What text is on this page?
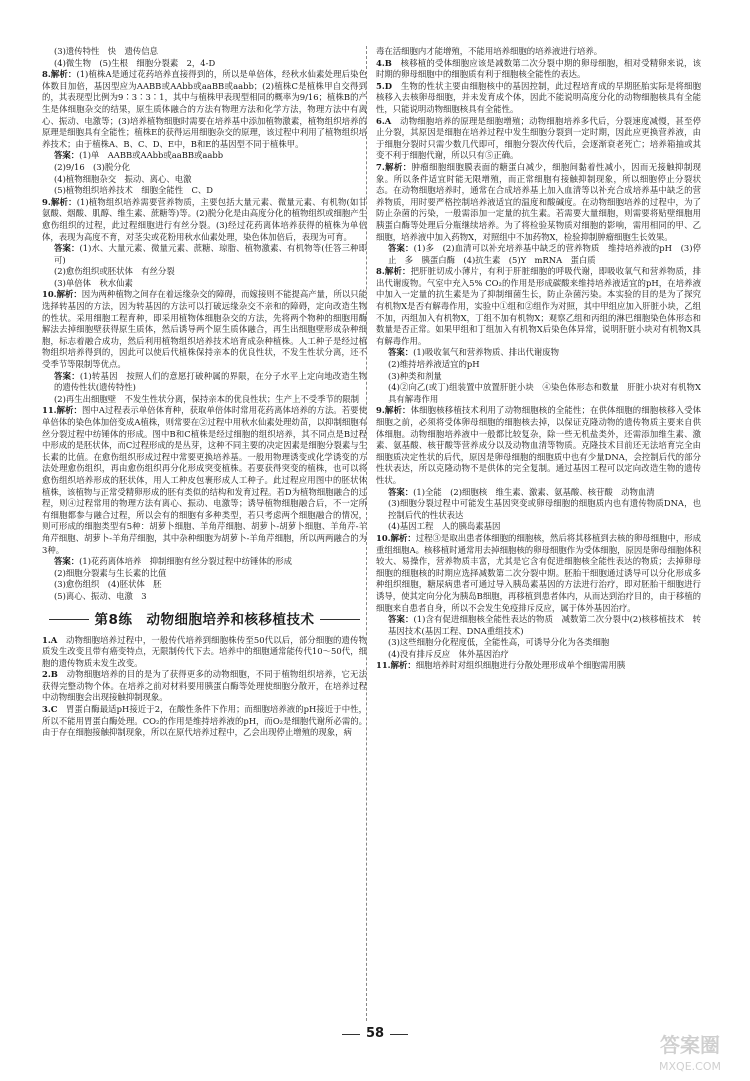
(3)遗传特性　快　遗传信息

(4)微生物　(5)生根　细胞分裂素　2，4-D

8.解析：(1)植株A是通过花药培养直接得到的，所以是单倍体，经秋水仙素处理后染色体数目加倍，基因型应为AABB或AAbb或aaBB或aabb；(2)植株C是植株甲自交得到的，其表现型比例为9∶3∶3∶1，其中与植株甲表现型相同的概率为9/16；植株B的产生是体细胞杂交的结果，原生质体融合的方法有物理方法和化学方法，物理方法中有离心、振动、电激等；(3)培养植物细胞时需要在培养基中添加植物激素，植物组织培养的原理是细胞具有全能性；植株E的获得运用细胞杂交的原理，该过程中利用了植物组织培养技术；由于植株A、B、C、D、E中，B和E的基因型不同于植株甲。

答案：(1)单　AABB或AAbb或aaBB或aabb

(2)9/16　(3)脱分化

(4)植物细胞杂交　振动、离心、电激

(5)植物组织培养技术　细胞全能性　C、D

9.解析：(1)植物组织培养需要营养物质，主要包括大量元素、微量元素、有机物(如甘氨酸、烟酸、肌醇、维生素、蔗糖等)等。(2)脱分化是由高度分化的植物组织或细胞产生愈伤组织的过程，此过程细胞进行有丝分裂。(3)经过花药离体培养获得的植株为单倍体，表现为高度不育，对茎尖或花粉用秋水仙素处理，染色体加倍后，表现为可育。

答案：(1)水、大量元素、微量元素、蔗糖、琼脂、植物激素、有机物等(任答三种即可)

(2)愈伤组织或胚状体　有丝分裂

(3)单倍体　秋水仙素

10.解析：因为两种植物之间存在着远缘杂交的障碍，而嫁接则不能提高产量，所以只能选择转基因的方法，因为转基因的方法可以打破远缘杂交不亲和的障碍，定向改造生物的性状。采用细胞工程育种，即采用植物体细胞杂交的方法，先将两个物种的细胞用酶解法去掉细胞壁获得原生质体，然后诱导两个原生质体融合，再生出细胞壁形成杂种细胞，标志着融合成功，然后利用植物组织培养技术培育成杂种植株。人工种子是经过植物组织培养得到的，因此可以使后代植株保持亲本的优良性状，不发生性状分离，还不受季节等限制等优点。

答案：(1)转基因　按照人们的意愿打破种属的界限，在分子水平上定向地改造生物的遗传性状(遗传特性)

(2)再生出细胞壁　不发生性状分离，保持亲本的优良性状；生产上不受季节的限制

11.解析：图中A过程表示单倍体育种，获取单倍体时常用花药离体培养的方法。若要使单倍体的染色体加倍变成A植株，则常要在②过程中用秋水仙素处理幼苗，以抑制细胞有丝分裂过程中纺锤体的形成。图中B和C植株是经过细胞的组织培养，其不同点是B过程中形成的是胚状体，而C过程形成的是丛芽，这种不同主要的决定因素是细胞分裂素与生长素的比值。在愈伤组织形成过程中常要更换培养基。一般用物理诱变或化学诱变的方法处理愈伤组织，再由愈伤组织再分化形成突变植株。若要获得突变的植株，也可以将愈伤组织培养形成的胚状体，用人工种皮包裹形成人工种子。此过程应用图中的胚状体植株，该植物与正常受精卵形成的胚有类似的结构和发育过程。若D为植物细胞融合的过程，则④过程常用的物理方法有离心、振动、电激等；诱导植物细胞融合后，不一定所有细胞都参与融合过程，所以会有的细胞有多种类型，若只考虑两个细胞融合的情况，则可形成的细胞类型有5种：胡萝卜细胞、羊角芹细胞、胡萝卜-胡萝卜细胞、羊角芹-羊角芹细胞、胡萝卜-羊角芹细胞，其中杂种细胞为胡萝卜-羊角芹细胞，所以两两融合的为3种。

答案：(1)花药离体培养　抑制细胞有丝分裂过程中纺锤体的形成

(2)细胞分裂素与生长素的比值

(3)愈伤组织　(4)胚状体　胚

(5)离心、振动、电激　3

第8练　动物细胞培养和核移植技术

1.A　 动物细胞培养过程中，一般传代培养到细胞株传至50代以后，部分细胞的遗传物质发生改变且带有癌变特点，无限制传代下去。培养中的细胞通常能传代10～50代，细胞的遗传物质未发生改变。

2.B　 动物细胞培养的目的是为了获得更多的动物细胞，不同于植物组织培养，它无法获得完整动物个体。在培养之前对材料要用胰蛋白酶等处理使细胞分散开，在培养过程中动物细胞会出现接触抑制现象。

3.C　 胃蛋白酶最适pH接近于2，在酸性条件下作用；而细胞培养液的pH接近于中性，所以不能用胃蛋白酶处理。CO₂的作用是维持培养液的pH，而O₂是细胞代谢所必需的。由于存在细胞接触抑制现象，所以在原代培养过程中，乙会出现停止增殖的现象，病

毒在活细胞内才能增殖，不能用培养细胞的培养液进行培养。

4.B　 核移植的受体细胞应该是减数第二次分裂中期的卵母细胞，相对受精卵来说，该时期的卵母细胞中的细胞质有利于细胞核全能性的表达。

5.D　 生物的性状主要由细胞核中的基因控制，此过程培育成的早期胚胎实际是将细胞核移入去核卵母细胞，并未发育成个体，因此不能说明高度分化的动物细胞核具有全能性，只能说明动物细胞核具有全能性。

6.A　 动物细胞培养的原理是细胞增殖；动物细胞培养多代后，分裂速度减慢，甚至停止分裂，其原因是细胞在培养过程中发生细胞分裂到一定时期，因此应更换营养液，由于细胞分裂时只需少数几代即可，细胞分裂次传代后，会逐渐衰老死亡；培养箱抽或其变不利于细胞代谢，所以只有⑤正确。

7.解析：肿瘤细胞细胞膜表面的糖蛋白减少，细胞间黏着性减小，因而无接触抑制现象。所以条件适宜时能无限增殖，而正常细胞有接触抑制现象，所以细胞停止分裂状态。在动物细胞培养时，通常在合成培养基上加入血清等以补充合成培养基中缺乏的营养物质，用时要严格控制培养液适宜的温度和酸碱度。在动物细胞培养的过程中，为了防止杂菌的污染，一般需添加一定量的抗生素。若需要大量细胞，则需要将贴壁细胞用胰蛋白酶等处理后分瓶继续培养。为了将检验某物质对细胞的影响，需用相同的甲、乙细胞，培养液中加入药物X，对照组中不加药物X，检验抑制肿瘤细胞生长效果。

答案：(1)多　(2)血清可以补充培养基中缺乏的营养物质　维持培养液的pH　(3)停止　多　胰蛋白酶　(4)抗生素　(5)Y　mRNA　蛋白质

8.解析：把肝脏切成小薄片，有利于肝脏细胞的呼吸代谢，即吸收氧气和营养物质，排出代谢废物。气室中充入5% CO₂的作用是形成碳酸来维持培养液适宜的pH，在培养液中加入一定量的抗生素是为了抑制细菌生长，防止杂菌污染。本实验的目的是为了探究有机物X是否有解毒作用，实验中①组和②组作为对照，其中甲组应加入肝脏小块，乙组不加，丙组加入有机物X，丁组不加有机物X；观察乙组和丙组的淋巴细胞染色体形态和数量是否正常。如果甲组和丁组加入有机物X后染色体异常，说明肝脏小块对有机物X具有解毒作用。

答案：(1)吸收氧气和营养物质、排出代谢废物

(2)维持培养液适宜的pH

(3)种类和剂量

(4)②向乙(或丁)组装置中放置肝脏小块　④染色体形态和数量　肝脏小块对有机物X具有解毒作用

9.解析：体细胞核移植技术利用了动物细胞核的全能性；在供体细胞的细胞核移入受体细胞之前，必须将受体卵母细胞的细胞核去掉，以保证克隆动物的遗传物质主要来自供体细胞。动物细胞培养液中一般都比较复杂，除一些无机盐类外，还需添加维生素、激素、氨基酸、核苷酸等营养成分以及动物血清等物质。克隆技术目前还无法培育完全由细胞质决定性状的后代，原因是卵母细胞的细胞质中也有少量DNA，会控制后代的部分性状表达，所以克隆动物不是供体的完全复制。通过基因工程可以定向改造生物的遗传性状。

答案：(1)全能　(2)细胞核　维生素、激素、氨基酸、核苷酸　动物血清

(3)细胞分裂过程中可能发生基因突变或卵母细胞的细胞质内也有遗传物质DNA，也控制后代的性状表达

(4)基因工程　人的胰岛素基因

10.解析：过程③是取出患者体细胞的细胞核，然后将其移植到去核的卵母细胞中，形成重组细胞A。核移植时通常用去掉细胞核的卵母细胞作为受体细胞，原因是卵母细胞体积较大、易操作，营养物质丰富，尤其是它含有促进细胞核全能性表达的物质；去掉卵母细胞的细胞核的时期应选择减数第二次分裂中期。胚胎干细胞通过诱导可以分化形成多种组织细胞，糖尿病患者可通过导入胰岛素基因的方法进行治疗，即对胚胎干细胞进行诱导，使其定向分化为胰岛B细胞，再移植到患者体内，从而达到治疗目的，由于移植的细胞来自患者自身，所以不会发生免疫排斥反应，属于体外基因治疗。

答案：(1)含有促进细胞核全能性表达的物质　减数第二次分裂中(2)核移植技术　转基因技术(基因工程、DNA重组技术)

(3)这些细胞分化程度低，全能性高，可诱导分化为各类细胞

(4)没有排斥反应　体外基因治疗

11.解析：细胞培养时对组织细胞进行分散处理形成单个细胞需用胰

58	答案圈
MXQE.COM
